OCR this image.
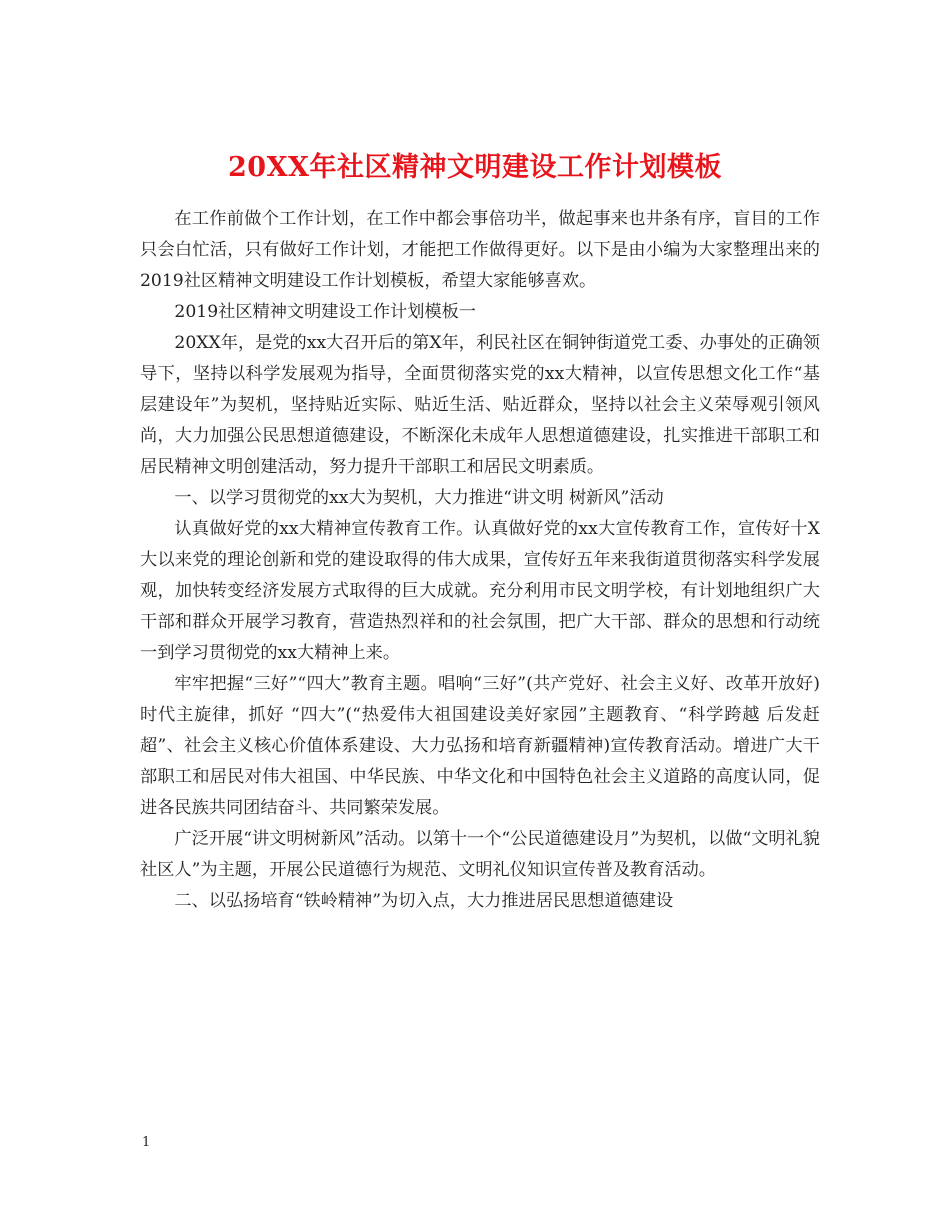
20XX年社区精神文明建设工作计划模板

在工作前做个工作计划，在工作中都会事倍功半，做起事来也井条有序，盲目的工作只会白忙活，只有做好工作计划，才能把工作做得更好。以下是由小编为大家整理出来的2019社区精神文明建设工作计划模板，希望大家能够喜欢。

2019社区精神文明建设工作计划模板一

20XX年，是党的xx大召开后的第X年，利民社区在铜钟街道党工委、办事处的正确领导下，坚持以科学发展观为指导，全面贯彻落实党的xx大精神，以宣传思想文化工作“基层建设年”为契机，坚持贴近实际、贴近生活、贴近群众，坚持以社会主义荣辱观引领风尚，大力加强公民思想道德建设，不断深化未成年人思想道德建设，扎实推进干部职工和居民精神文明创建活动，努力提升干部职工和居民文明素质。

一、以学习贯彻党的xx大为契机，大力推进“讲文明 树新风”活动

认真做好党的xx大精神宣传教育工作。认真做好党的xx大宣传教育工作，宣传好十X大以来党的理论创新和党的建设取得的伟大成果，宣传好五年来我街道贯彻落实科学发展观，加快转变经济发展方式取得的巨大成就。充分利用市民文明学校，有计划地组织广大干部和群众开展学习教育，营造热烈祥和的社会氛围，把广大干部、群众的思想和行动统一到学习贯彻党的xx大精神上来。

牢牢把握“三好”“四大”教育主题。唱响“三好”(共产党好、社会主义好、改革开放好)时代主旋律，抓好 “四大”(“热爱伟大祖国建设美好家园”主题教育、“科学跨越 后发赶超”、社会主义核心价值体系建设、大力弘扬和培育新疆精神)宣传教育活动。增进广大干部职工和居民对伟大祖国、中华民族、中华文化和中国特色社会主义道路的高度认同，促进各民族共同团结奋斗、共同繁荣发展。

广泛开展“讲文明树新风”活动。以第十一个“公民道德建设月”为契机，以做“文明礼貌社区人”为主题，开展公民道德行为规范、文明礼仪知识宣传普及教育活动。

二、以弘扬培育“铁岭精神”为切入点，大力推进居民思想道德建设

1
